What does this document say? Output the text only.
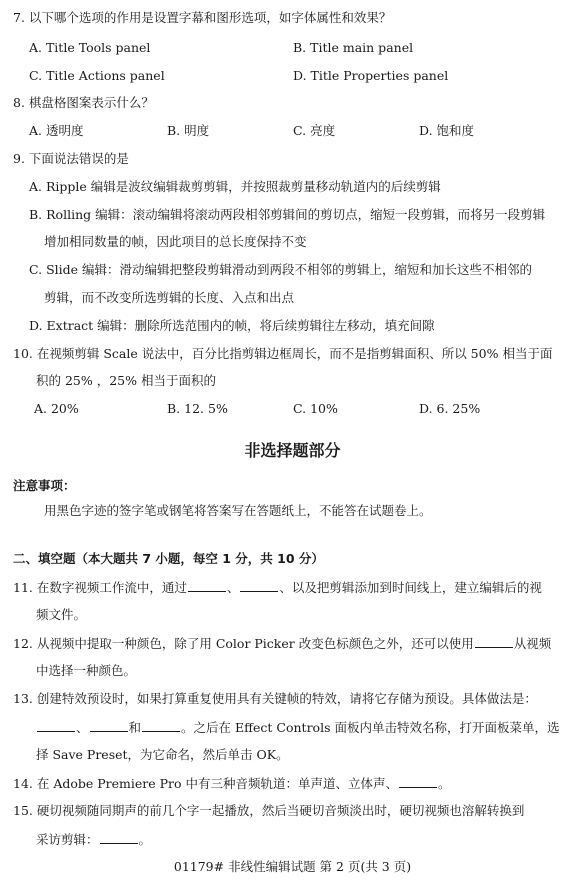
7. 以下哪个选项的作用是设置字幕和图形选项，如字体属性和效果？
A. Title Tools panel	B. Title main panel
C. Title Actions panel	D. Title Properties panel
8. 棋盘格图案表示什么？
A. 透明度	B. 明度	C. 亮度	D. 饱和度
9. 下面说法错误的是
A. Ripple 编辑是波纹编辑裁剪剪辑，并按照裁剪量移动轨道内的后续剪辑
B. Rolling 编辑：滚动编辑将滚动两段相邻剪辑间的剪切点，缩短一段剪辑，而将另一段剪辑
增加相同数量的帧，因此项目的总长度保持不变
C. Slide 编辑：滑动编辑把整段剪辑滑动到两段不相邻的剪辑上，缩短和加长这些不相邻的
剪辑，而不改变所选剪辑的长度、入点和出点
D. Extract 编辑：删除所选范围内的帧，将后续剪辑往左移动，填充间隙
10. 在视频剪辑 Scale 说法中，百分比指剪辑边框周长，而不是指剪辑面积、所以 50% 相当于面
积的 25% ，25% 相当于面积的
A. 20%	B. 12. 5%	C. 10%	D. 6. 25%
非选择题部分
注意事项：
用黑色字迹的签字笔或钢笔将答案写在答题纸上，不能答在试题卷上。
二、填空题（本大题共 7 小题，每空 1 分，共 10 分）
11. 在数字视频工作流中，通过	、	、以及把剪辑添加到时间线上，建立编辑后的视
频文件。
12. 从视频中提取一种颜色，除了用 Color Picker 改变色标颜色之外，还可以使用	从视频
中选择一种颜色。
13. 创建特效预设时，如果打算重复使用具有关键帧的特效，请将它存储为预设。具体做法是：
、	和	。之后在 Effect Controls 面板内单击特效名称，打开面板菜单，选
择 Save Preset，为它命名，然后单击 OK。
14. 在 Adobe Premiere Pro 中有三种音频轨道：单声道、立体声、	。
15. 硬切视频随同期声的前几个字一起播放，然后当硬切音频淡出时，硬切视频也溶解转换到
采访剪辑：	。
01179# 非线性编辑试题 第 2 页(共 3 页)
